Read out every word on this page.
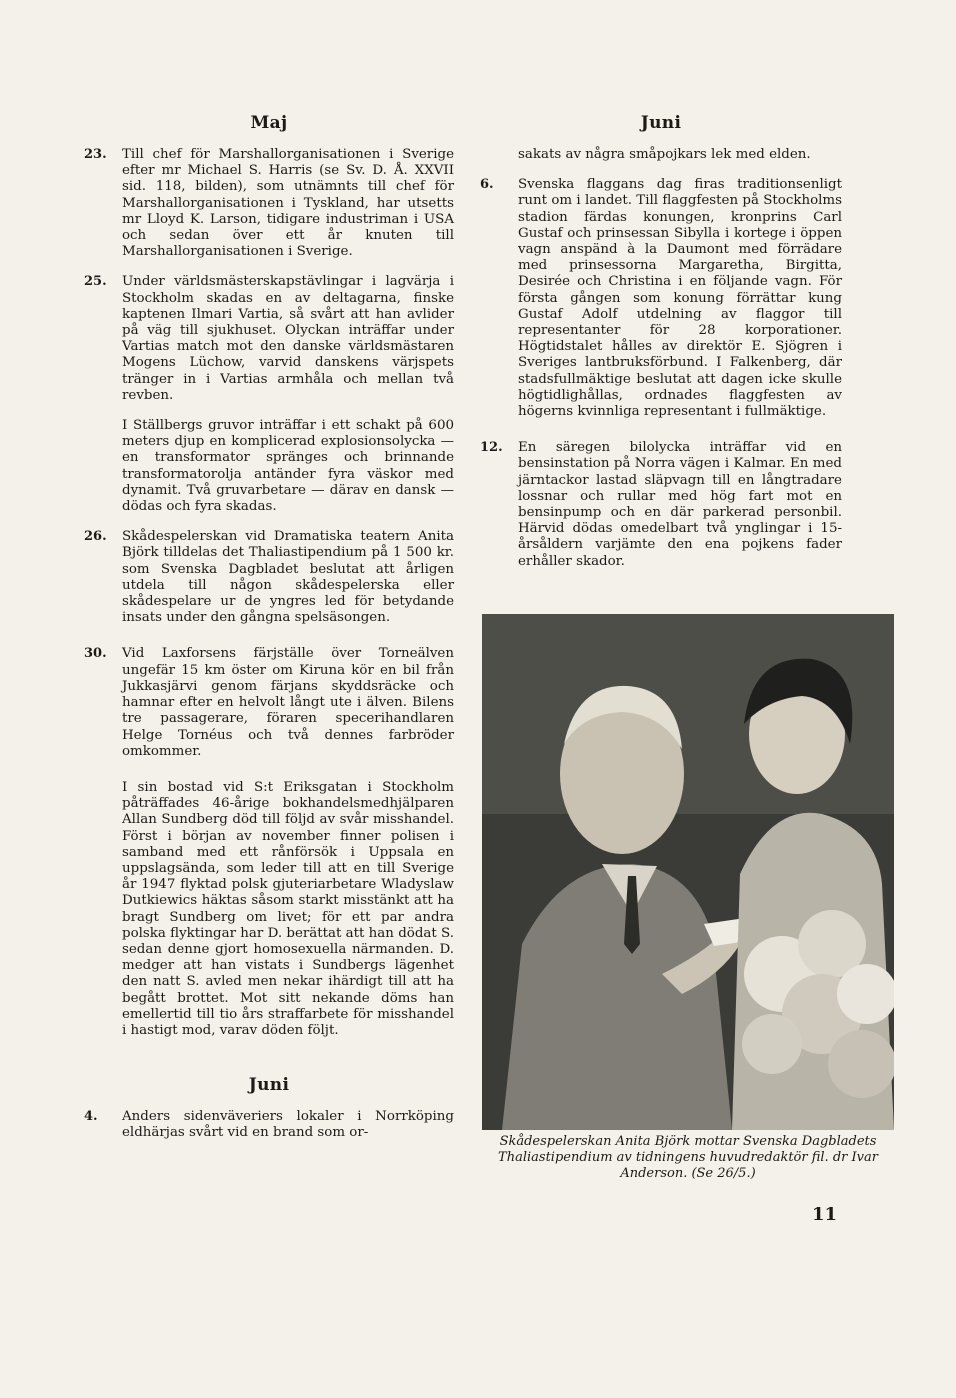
Maj
23.	Till chef för Marshallorganisationen i Sverige efter mr Michael S. Harris (se Sv. D. Å. XXVII sid. 118, bilden), som utnämnts till chef för Marshallorganisationen i Tyskland, har utsetts mr Lloyd K. Larson, tidigare industriman i USA och sedan över ett år knuten till Marshallorganisationen i Sverige.
25.	Under världsmästerskapstävlingar i lagvärja i Stockholm skadas en av deltagarna, finske kaptenen Ilmari Vartia, så svårt att han avlider på väg till sjukhuset. Olyckan inträffar under Vartias match mot den danske världsmästaren Mogens Lüchow, varvid danskens värjspets tränger in i Vartias armhåla och mellan två revben.
I Ställbergs gruvor inträffar i ett schakt på 600 meters djup en komplicerad explosionsolycka — en transformator spränges och brinnande transformatorolja antänder fyra väskor med dynamit. Två gruvarbetare — därav en dansk — dödas och fyra skadas.
26.	Skådespelerskan vid Dramatiska teatern Anita Björk tilldelas det Thaliastipendium på 1 500 kr. som Svenska Dagbladet beslutat att årligen utdela till någon skådespelerska eller skådespelare ur de yngres led för betydande insats under den gångna spelsäsongen.
30.	Vid Laxforsens färjställe över Torneälven ungefär 15 km öster om Kiruna kör en bil från Jukkasjärvi genom färjans skyddsräcke och hamnar efter en helvolt långt ute i älven. Bilens tre passagerare, föraren specerihandlaren Helge Tornéus och två dennes farbröder omkommer.
I sin bostad vid S:t Eriksgatan i Stockholm påträffades 46-årige bokhandelsmedhjälparen Allan Sundberg död till följd av svår misshandel. Först i början av november finner polisen i samband med ett rånförsök i Uppsala en uppslagsända, som leder till att en till Sverige år 1947 flyktad polsk gjuteriarbetare Wladyslaw Dutkiewics häktas såsom starkt misstänkt att ha bragt Sundberg om livet; för ett par andra polska flyktingar har D. berättat att han dödat S. sedan denne gjort homosexuella närmanden. D. medger att han vistats i Sundbergs lägenhet den natt S. avled men nekar ihärdigt till att ha begått brottet. Mot sitt nekande döms han emellertid till tio års straffarbete för misshandel i hastigt mod, varav döden följt.
Juni
4.	Anders sidenväveriers lokaler i Norrköping eldhärjas svårt vid en brand som or-
Juni
sakats av några småpojkars lek med elden.
6.	Svenska flaggans dag firas traditionsenligt runt om i landet. Till flaggfesten på Stockholms stadion färdas konungen, kronprins Carl Gustaf och prinsessan Sibylla i kortege i öppen vagn anspänd à la Daumont med förrädare med prinsessorna Margaretha, Birgitta, Desirée och Christina i en följande vagn. För första gången som konung förrättar kung Gustaf Adolf utdelning av flaggor till representanter för 28 korporationer. Högtidstalet hålles av direktör E. Sjögren i Sveriges lantbruksförbund. I Falkenberg, där stadsfullmäktige beslutat att dagen icke skulle högtidlighållas, ordnades flaggfesten av högerns kvinnliga representant i fullmäktige.
12.	En säregen bilolycka inträffar vid en bensinstation på Norra vägen i Kalmar. En med järntackor lastad släpvagn till en långtradare lossnar och rullar med hög fart mot en bensinpump och en där parkerad personbil. Härvid dödas omedelbart två ynglingar i 15-årsåldern varjämte den ena pojkens fader erhåller skador.
Skådespelerskan Anita Björk mottar Svenska Dagbladets Thaliastipendium av tidningens huvudredaktör fil. dr Ivar Anderson. (Se 26/5.)
11
